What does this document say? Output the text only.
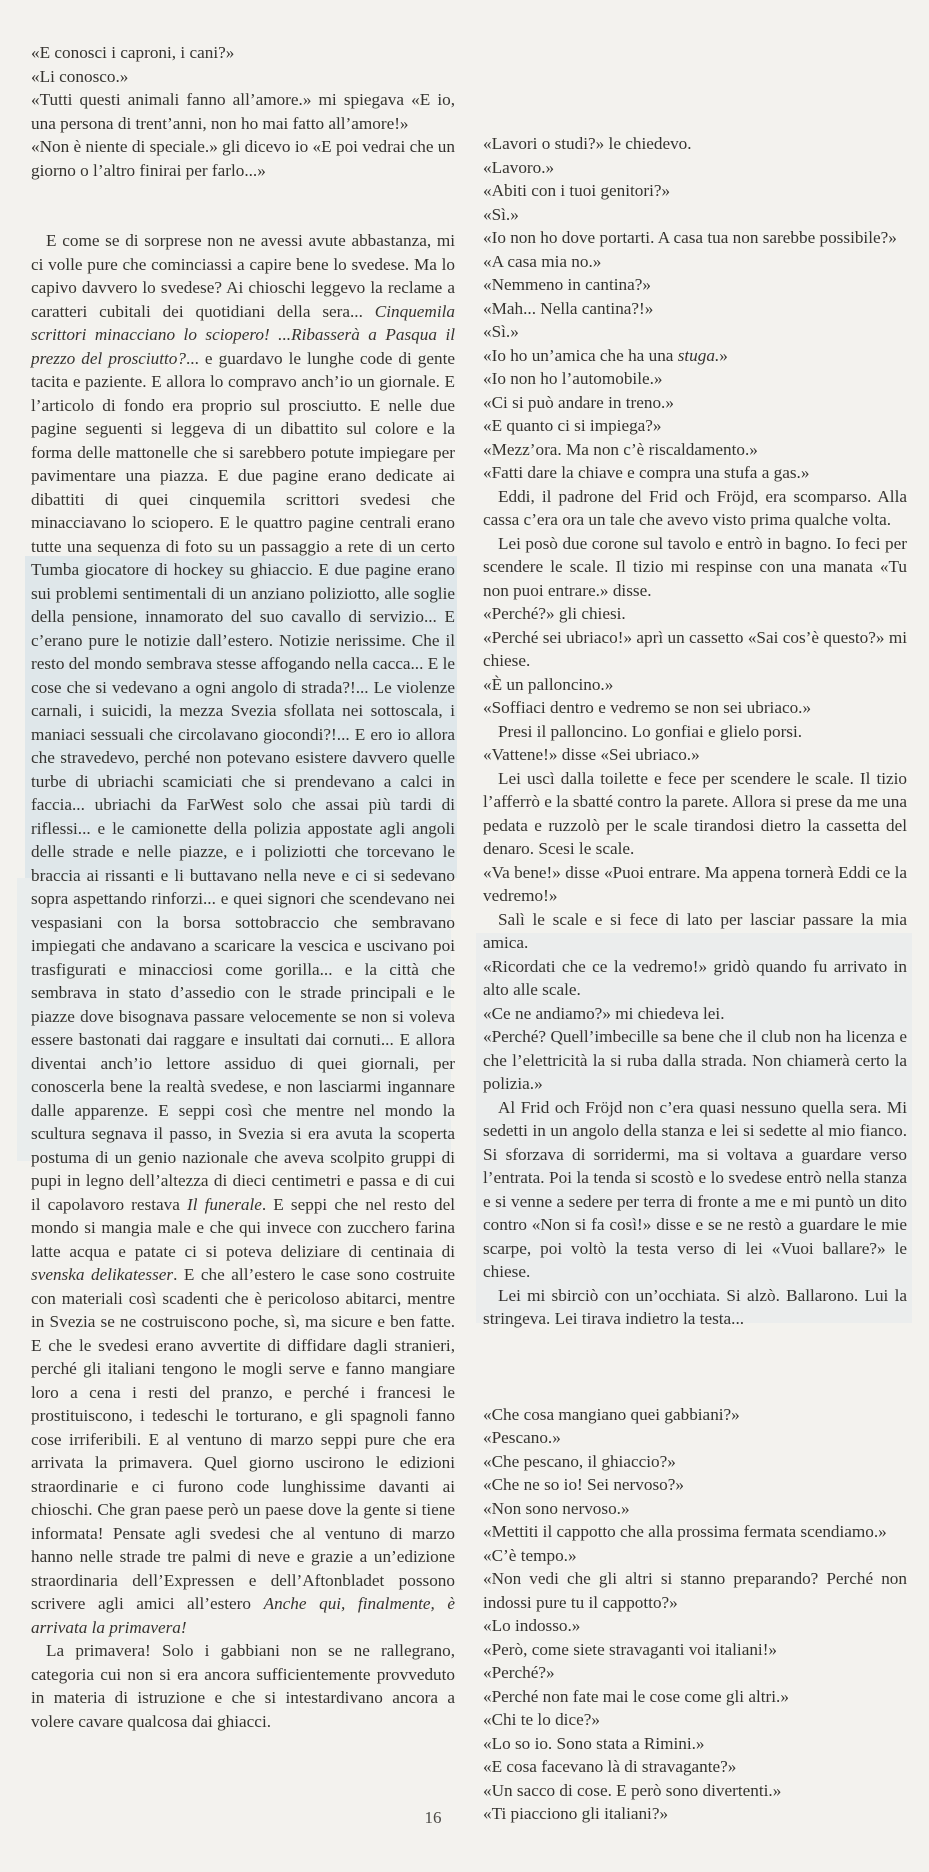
«E conosci i caproni, i cani?»

«Li conosco.»

«Tutti questi animali fanno all’amore.» mi spiegava «E io, una persona di trent’anni, non ho mai fatto all’amore!»

«Non è niente di speciale.» gli dicevo io «E poi vedrai che un giorno o l’altro finirai per farlo...»

E come se di sorprese non ne avessi avute abbastanza, mi ci volle pure che cominciassi a capire bene lo svedese. Ma lo capivo davvero lo svedese? Ai chioschi leggevo la reclame a caratteri cubitali dei quotidiani della sera... Cinquemila scrittori minacciano lo sciopero! ...Ribasserà a Pasqua il prezzo del prosciutto?... e guardavo le lunghe code di gente tacita e paziente. E allora lo compravo anch’io un giornale. E l’articolo di fondo era proprio sul prosciutto. E nelle due pagine seguenti si leggeva di un dibattito sul colore e la forma delle mattonelle che si sarebbero potute impiegare per pavimentare una piazza. E due pagine erano dedicate ai dibattiti di quei cinquemila scrittori svedesi che minacciavano lo sciopero. E le quattro pagine centrali erano tutte una sequenza di foto su un passaggio a rete di un certo Tumba giocatore di hockey su ghiaccio. E due pagine erano sui problemi sentimentali di un anziano poliziotto, alle soglie della pensione, innamorato del suo cavallo di servizio... E c’erano pure le notizie dall’estero. Notizie nerissime. Che il resto del mondo sembrava stesse affogando nella cacca... E le cose che si vedevano a ogni angolo di strada?!... Le violenze carnali, i suicidi, la mezza Svezia sfollata nei sottoscala, i maniaci sessuali che circolavano giocondi?!... E ero io allora che stravedevo, perché non potevano esistere davvero quelle turbe di ubriachi scamiciati che si prendevano a calci in faccia... ubriachi da FarWest solo che assai più tardi di riflessi... e le camionette della polizia appostate agli angoli delle strade e nelle piazze, e i poliziotti che torcevano le braccia ai rissanti e li buttavano nella neve e ci si sedevano sopra aspettando rinforzi... e quei signori che scendevano nei vespasiani con la borsa sottobraccio che sembravano impiegati che andavano a scaricare la vescica e uscivano poi trasfigurati e minacciosi come gorilla... e la città che sembrava in stato d’assedio con le strade principali e le piazze dove bisognava passare velocemente se non si voleva essere bastonati dai raggare e insultati dai cornuti... E allora diventai anch’io lettore assiduo di quei giornali, per conoscerla bene la realtà svedese, e non lasciarmi ingannare dalle apparenze. E seppi così che mentre nel mondo la scultura segnava il passo, in Svezia si era avuta la scoperta postuma di un genio nazionale che aveva scolpito gruppi di pupi in legno dell’altezza di dieci centimetri e passa e di cui il capolavoro restava Il funerale. E seppi che nel resto del mondo si mangia male e che qui invece con zucchero farina latte acqua e patate ci si poteva deliziare di centinaia di svenska delikatesser. E che all’estero le case sono costruite con materiali così scadenti che è pericoloso abitarci, mentre in Svezia se ne costruiscono poche, sì, ma sicure e ben fatte. E che le svedesi erano avvertite di diffidare dagli stranieri, perché gli italiani tengono le mogli serve e fanno mangiare loro a cena i resti del pranzo, e perché i francesi le prostituiscono, i tedeschi le torturano, e gli spagnoli fanno cose irriferibili. E al ventuno di marzo seppi pure che era arrivata la primavera. Quel giorno uscirono le edizioni straordinarie e ci furono code lunghissime davanti ai chioschi. Che gran paese però un paese dove la gente si tiene informata! Pensate agli svedesi che al ventuno di marzo hanno nelle strade tre palmi di neve e grazie a un’edizione straordinaria dell’Expressen e dell’Aftonbladet possono scrivere agli amici all’estero Anche qui, finalmente, è arrivata la primavera!

La primavera! Solo i gabbiani non se ne rallegrano, categoria cui non si era ancora sufficientemente provveduto in materia di istruzione e che si intestardivano ancora a volere cavare qualcosa dai ghiacci.

«Lavori o studi?» le chiedevo.

«Lavoro.»

«Abiti con i tuoi genitori?»

«Sì.»

«Io non ho dove portarti. A casa tua non sarebbe possibile?»

«A casa mia no.»

«Nemmeno in cantina?»

«Mah... Nella cantina?!»

«Sì.»

«Io ho un’amica che ha una stuga.»

«Io non ho l’automobile.»

«Ci si può andare in treno.»

«E quanto ci si impiega?»

«Mezz’ora. Ma non c’è riscaldamento.»

«Fatti dare la chiave e compra una stufa a gas.»

Eddi, il padrone del Frid och Fröjd, era scomparso. Alla cassa c’era ora un tale che avevo visto prima qualche volta.

Lei posò due corone sul tavolo e entrò in bagno. Io feci per scendere le scale. Il tizio mi respinse con una manata «Tu non puoi entrare.» disse.

«Perché?» gli chiesi.

«Perché sei ubriaco!» aprì un cassetto «Sai cos’è questo?» mi chiese.

«È un palloncino.»

«Soffiaci dentro e vedremo se non sei ubriaco.»

Presi il palloncino. Lo gonfiai e glielo porsi.

«Vattene!» disse «Sei ubriaco.»

Lei uscì dalla toilette e fece per scendere le scale. Il tizio l’afferrò e la sbatté contro la parete. Allora si prese da me una pedata e ruzzolò per le scale tirandosi dietro la cassetta del denaro. Scesi le scale.

«Va bene!» disse «Puoi entrare. Ma appena tornerà Eddi ce la vedremo!»

Salì le scale e si fece di lato per lasciar passare la mia amica.

«Ricordati che ce la vedremo!» gridò quando fu arrivato in alto alle scale.

«Ce ne andiamo?» mi chiedeva lei.

«Perché? Quell’imbecille sa bene che il club non ha licenza e che l’elettricità la si ruba dalla strada. Non chiamerà certo la polizia.»

Al Frid och Fröjd non c’era quasi nessuno quella sera. Mi sedetti in un angolo della stanza e lei si sedette al mio fianco. Si sforzava di sorridermi, ma si voltava a guardare verso l’entrata. Poi la tenda si scostò e lo svedese entrò nella stanza e si venne a sedere per terra di fronte a me e mi puntò un dito contro «Non si fa così!» disse e se ne restò a guardare le mie scarpe, poi voltò la testa verso di lei «Vuoi ballare?» le chiese.

Lei mi sbirciò con un’occhiata. Si alzò. Ballarono. Lui la stringeva. Lei tirava indietro la testa...

«Che cosa mangiano quei gabbiani?»

«Pescano.»

«Che pescano, il ghiaccio?»

«Che ne so io! Sei nervoso?»

«Non sono nervoso.»

«Mettiti il cappotto che alla prossima fermata scendiamo.»

«C’è tempo.»

«Non vedi che gli altri si stanno preparando? Perché non indossi pure tu il cappotto?»

«Lo indosso.»

«Però, come siete stravaganti voi italiani!»

«Perché?»

«Perché non fate mai le cose come gli altri.»

«Chi te lo dice?»

«Lo so io. Sono stata a Rimini.»

«E cosa facevano là di stravagante?»

«Un sacco di cose. E però sono divertenti.»

«Ti piacciono gli italiani?»

16
